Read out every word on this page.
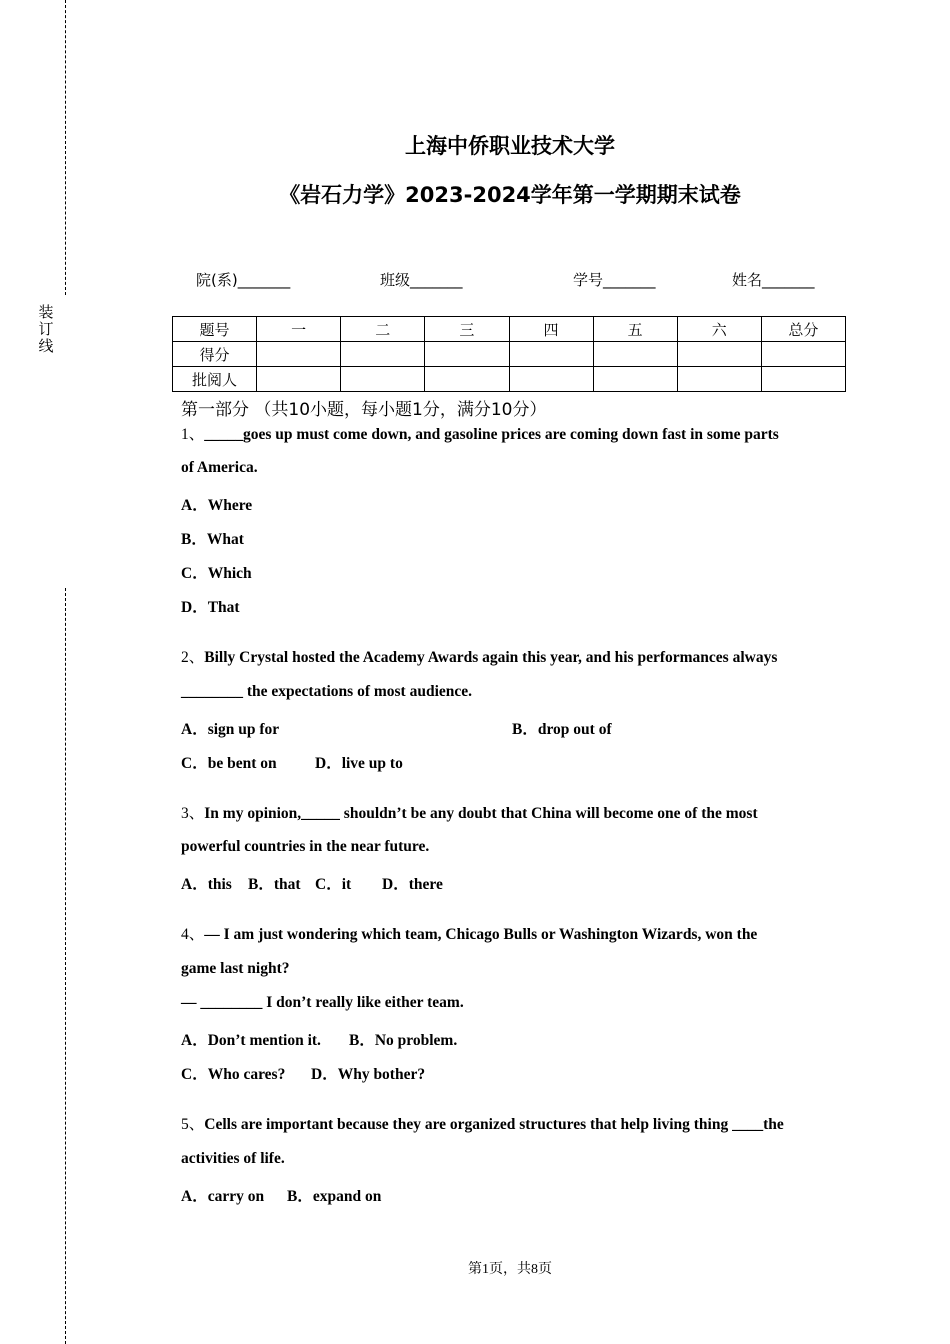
装
订
线
上海中侨职业技术大学
《岩石力学》2023-2024学年第一学期期末试卷
院(系)_______	班级_______	学号_______	姓名_______
题号	一	二	三	四	五	六	总分
得分							
批阅人							
第一部分 （共10小题，每小题1分，满分10分）
1、_____goes up must come down, and gasoline prices are coming down fast in some parts
of America.
A．Where
B．What
C．Which
D．That
2、Billy Crystal hosted the Academy Awards again this year, and his performances always
________ the expectations of most audience.
A．sign up for	B．drop out of
C．be bent on D．live up to
3、In my opinion,_____ shouldn’t be any doubt that China will become one of the most
powerful countries in the near future.
A．this B．that C．it D．there
4、— I am just wondering which team, Chicago Bulls or Washington Wizards, won the
game last night?
— ________ I don’t really like either team.
A．Don’t mention it. B．No problem.
C．Who cares? D．Why bother?
5、Cells are important because they are organized structures that help living thing ____the
activities of life.
A．carry on B．expand on
第1页，共8页
